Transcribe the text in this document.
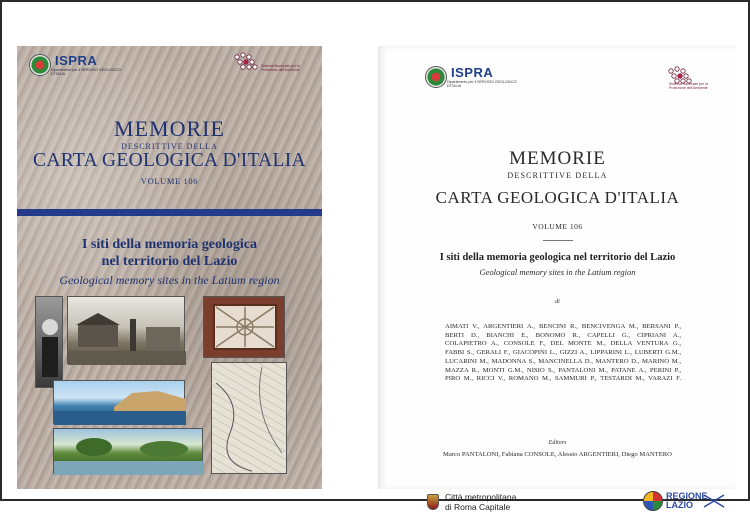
ISPRA
Dipartimento per il SERVIZIO GEOLOGICO D'ITALIA
Sistema Nazionale per la Protezione dell'Ambiente
MEMORIE
DESCRITTIVE DELLA
CARTA GEOLOGICA D'ITALIA
VOLUME 106
I siti della memoria geologica
nel territorio del Lazio
Geological memory sites in the Latium region
ISPRA
Dipartimento per il SERVIZIO GEOLOGICO D'ITALIA
Sistema Nazionale per la Protezione dell'Ambiente
MEMORIE
DESCRITTIVE DELLA
CARTA GEOLOGICA D'ITALIA
VOLUME 106
I siti della memoria geologica nel territorio del Lazio
Geological memory sites in the Latium region
di
AIMATI V., ARGENTIERI A., BENCINI R., BENCIVENGA M., BERSANI P.,
BERTI D., BIANCHI E., BONOMO R., CAPELLI G., CIPRIANI A.,
COLAPIETRO A., CONSOLE F., DEL MONTE M., DELLA VENTURA G.,
FABBI S., GERALI F., GIACOPINI L., GIZZI A., LIPPARINI L., LUBERTI G.M.,
LUCARINI M., MADONNA S., MANCINELLA D., MANTERO D., MARINO M.,
MAZZA R., MONTI G.M., NISIO S., PANTALONI M., PATANE A., PERINI P.,
PIRO M., RICCI V., ROMANO M., SAMMURI P., TESTARDI M., VARAZI F.
Editors
Marco PANTALONI, Fabiana CONSOLE, Alessio ARGENTIERI, Diego MANTERO
Città metropolitana
di Roma Capitale
REGIONE LAZIO
